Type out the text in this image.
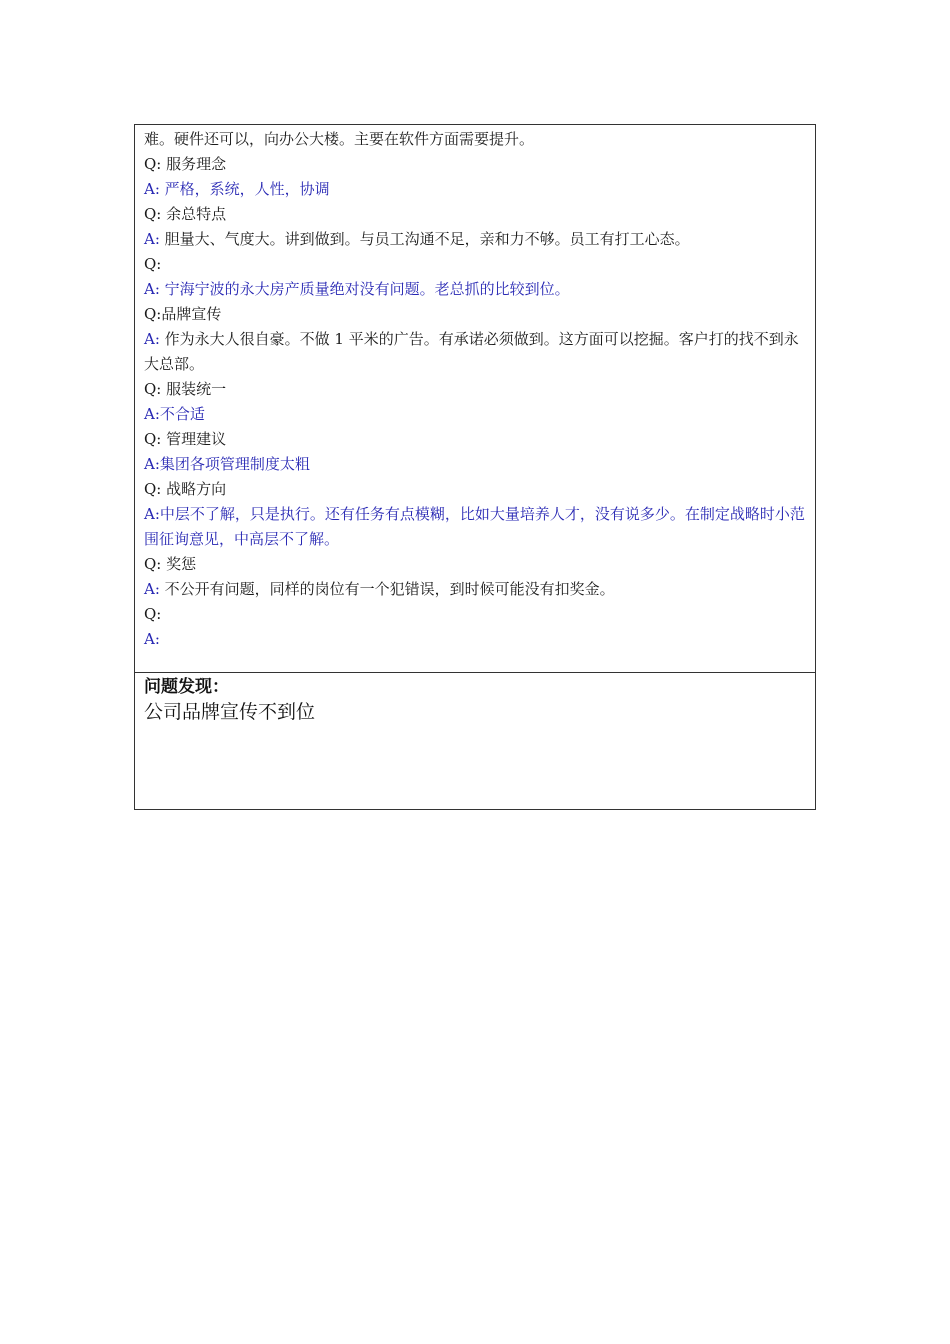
难。硬件还可以，向办公大楼。主要在软件方面需要提升。

Q: 服务理念

A: 严格，系统，人性，协调

Q: 余总特点

A: 胆量大、气度大。讲到做到。与员工沟通不足，亲和力不够。员工有打工心态。

Q:

A: 宁海宁波的永大房产质量绝对没有问题。老总抓的比较到位。

Q:品牌宣传

A: 作为永大人很自豪。不做 1 平米的广告。有承诺必须做到。这方面可以挖掘。客户打的找不到永大总部。

Q: 服装统一

A:不合适

Q: 管理建议

A:集团各项管理制度太粗

Q: 战略方向

A:中层不了解，只是执行。还有任务有点模糊，比如大量培养人才，没有说多少。在制定战略时小范围征询意见，中高层不了解。

Q: 奖惩

A: 不公开有问题，同样的岗位有一个犯错误，到时候可能没有扣奖金。

Q:

A:

问题发现：

公司品牌宣传不到位
